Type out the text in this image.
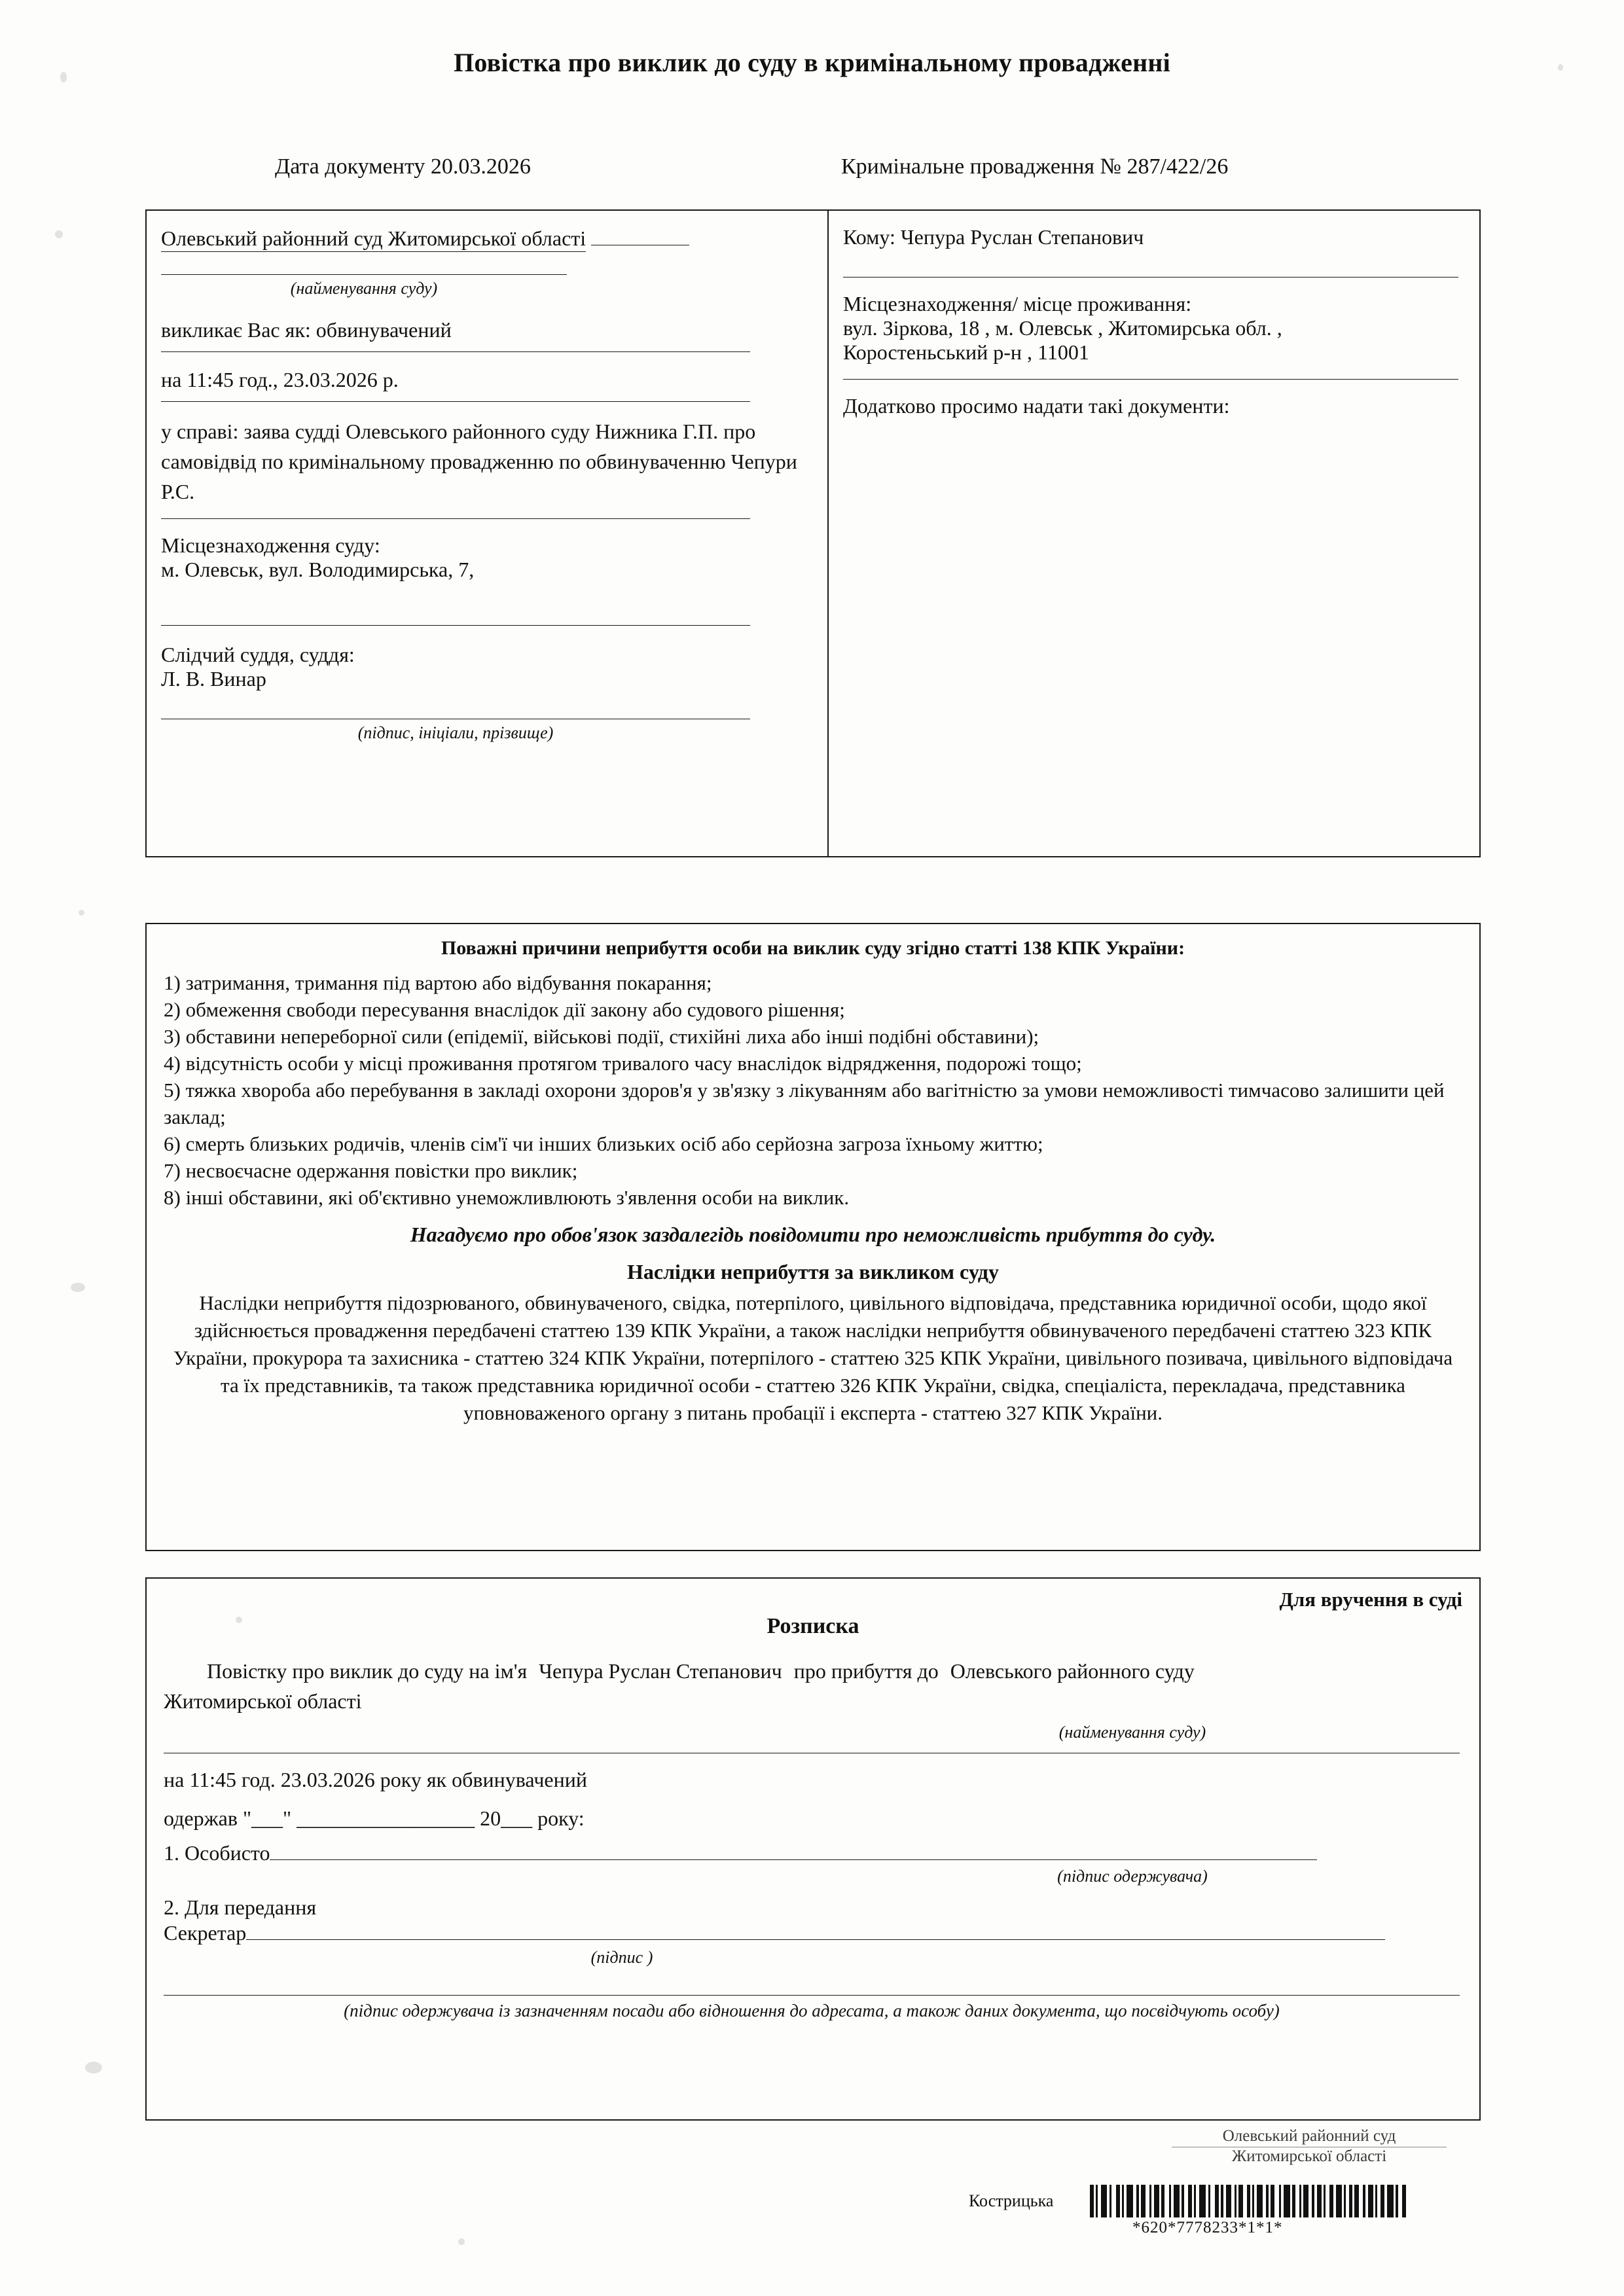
Повістка про виклик до суду в кримінальному провадженні
Дата документу 20.03.2026	Кримінальне провадження № 287/422/26
Олевський районний суд Житомирської області
(найменування суду)
викликає Вас як: обвинувачений
на 11:45 год., 23.03.2026 р.
у справі: заява судді Олевського районного суду Нижника Г.П. про самовідвід по кримінальному провадженню по обвинуваченню Чепури Р.С.
Місцезнаходження суду:
м. Олевськ, вул. Володимирська, 7,
Слідчий суддя, суддя:
Л. В. Винар
(підпис, ініціали, прізвище)
Кому: Чепура Руслан Степанович
Місцезнаходження/ місце проживання:
вул. Зіркова, 18 , м. Олевськ , Житомирська обл. ,
Коростеньський р-н , 11001
Додатково просимо надати такі документи:
Поважні причини неприбуття особи на виклик суду згідно статті 138 КПК України:
1) затримання, тримання під вартою або відбування покарання;
2) обмеження свободи пересування внаслідок дії закону або судового рішення;
3) обставини непереборної сили (епідемії, військові події, стихійні лиха або інші подібні обставини);
4) відсутність особи у місці проживання протягом тривалого часу внаслідок відрядження, подорожі тощо;
5) тяжка хвороба або перебування в закладі охорони здоров'я у зв'язку з лікуванням або вагітністю за умови неможливості тимчасово залишити цей заклад;
6) смерть близьких родичів, членів сім'ї чи інших близьких осіб або серйозна загроза їхньому життю;
7) несвоєчасне одержання повістки про виклик;
8) інші обставини, які об'єктивно унеможливлюють з'явлення особи на виклик.
Нагадуємо про обов'язок заздалегідь повідомити про неможливість прибуття до суду.
Наслідки неприбуття за викликом суду
Наслідки неприбуття підозрюваного, обвинуваченого, свідка, потерпілого, цивільного відповідача, представника юридичної особи, щодо якої здійснюється провадження передбачені статтею 139 КПК України, а також наслідки неприбуття обвинуваченого передбачені статтею 323 КПК України, прокурора та захисника - статтею 324 КПК України, потерпілого - статтею 325 КПК України, цивільного позивача, цивільного відповідача та їх представників, та також представника юридичної особи - статтею 326 КПК України, свідка, спеціаліста, перекладача, представника уповноваженого органу з питань пробації і експерта - статтею 327 КПК України.
Для вручення в суді
Розписка

Повістку про виклик до суду на ім'я Чепура Руслан Степанович про прибуття до Олевського районного суду

Житомирської області

(найменування суду)

на 11:45 год. 23.03.2026 року як обвинувачений

одержав "___" _________________ 20___ року:

1. Особисто

(підпис одержувача)

2. Для передання

Секретар

(підпис )
(підпис одержувача із зазначенням посади або відношення до адресата, а також даних документа, що посвідчують особу)
Олевський районний суд
Житомирської області
Кострицька
*620*7778233*1*1*
